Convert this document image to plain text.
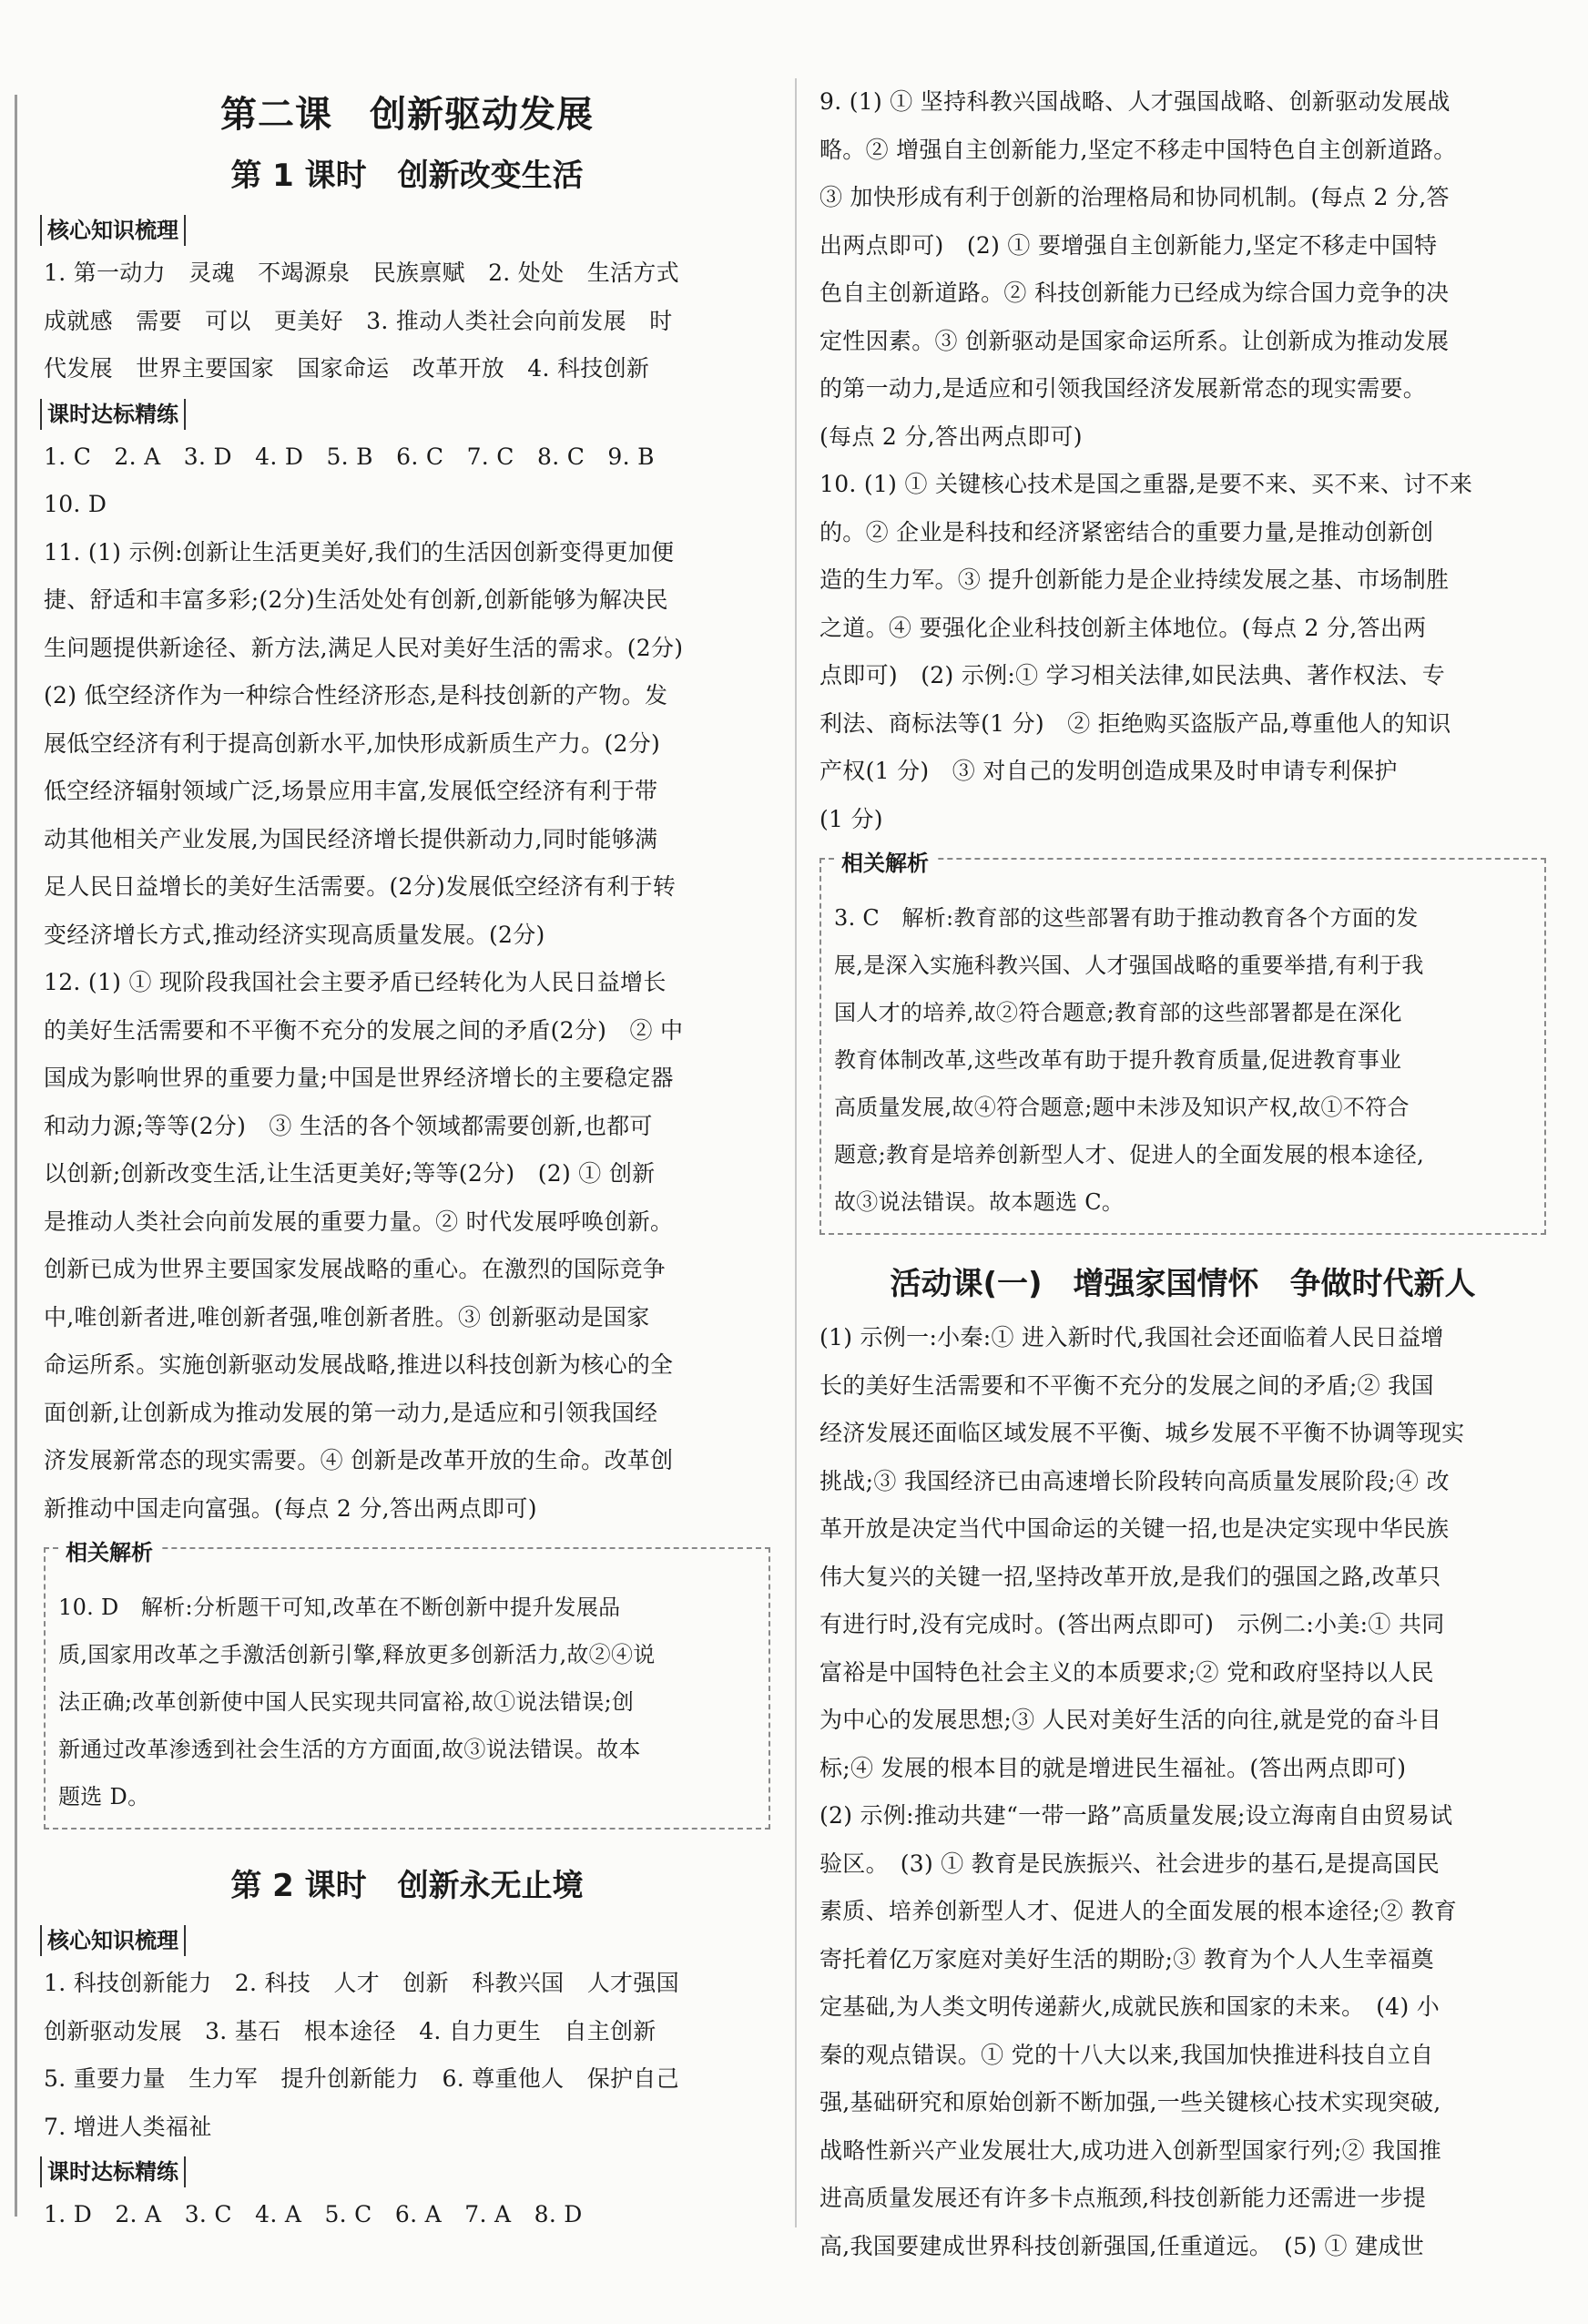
第二课　创新驱动发展
第 1 课时　创新改变生活
核心知识梳理

1. 第一动力　灵魂　不竭源泉　民族禀赋　2. 处处　生活方式

成就感　需要　可以　更美好　3. 推动人类社会向前发展　时

代发展　世界主要国家　国家命运　改革开放　4. 科技创新

课时达标精练

1. C　2. A　3. D　4. D　5. B　6. C　7. C　8. C　9. B

10. D

11. (1) 示例:创新让生活更美好,我们的生活因创新变得更加便

捷、舒适和丰富多彩;(2分)生活处处有创新,创新能够为解决民

生问题提供新途径、新方法,满足人民对美好生活的需求。(2分)

(2) 低空经济作为一种综合性经济形态,是科技创新的产物。发

展低空经济有利于提高创新水平,加快形成新质生产力。(2分)

低空经济辐射领域广泛,场景应用丰富,发展低空经济有利于带

动其他相关产业发展,为国民经济增长提供新动力,同时能够满

足人民日益增长的美好生活需要。(2分)发展低空经济有利于转

变经济增长方式,推动经济实现高质量发展。(2分)

12. (1) ① 现阶段我国社会主要矛盾已经转化为人民日益增长

的美好生活需要和不平衡不充分的发展之间的矛盾(2分)　② 中

国成为影响世界的重要力量;中国是世界经济增长的主要稳定器

和动力源;等等(2分)　③ 生活的各个领域都需要创新,也都可

以创新;创新改变生活,让生活更美好;等等(2分)　(2) ① 创新

是推动人类社会向前发展的重要力量。② 时代发展呼唤创新。

创新已成为世界主要国家发展战略的重心。在激烈的国际竞争

中,唯创新者进,唯创新者强,唯创新者胜。③ 创新驱动是国家

命运所系。实施创新驱动发展战略,推进以科技创新为核心的全

面创新,让创新成为推动发展的第一动力,是适应和引领我国经

济发展新常态的现实需要。④ 创新是改革开放的生命。改革创

新推动中国走向富强。(每点 2 分,答出两点即可)

相关解析

10. D　解析:分析题干可知,改革在不断创新中提升发展品

质,国家用改革之手激活创新引擎,释放更多创新活力,故②④说

法正确;改革创新使中国人民实现共同富裕,故①说法错误;创

新通过改革渗透到社会生活的方方面面,故③说法错误。故本

题选 D。

第 2 课时　创新永无止境
核心知识梳理

1. 科技创新能力　2. 科技　人才　创新　科教兴国　人才强国

创新驱动发展　3. 基石　根本途径　4. 自力更生　自主创新

5. 重要力量　生力军　提升创新能力　6. 尊重他人　保护自己

7. 增进人类福祉

课时达标精练

1. D　2. A　3. C　4. A　5. C　6. A　7. A　8. D

9. (1) ① 坚持科教兴国战略、人才强国战略、创新驱动发展战

略。② 增强自主创新能力,坚定不移走中国特色自主创新道路。

③ 加快形成有利于创新的治理格局和协同机制。(每点 2 分,答

出两点即可)　(2) ① 要增强自主创新能力,坚定不移走中国特

色自主创新道路。② 科技创新能力已经成为综合国力竞争的决

定性因素。③ 创新驱动是国家命运所系。让创新成为推动发展

的第一动力,是适应和引领我国经济发展新常态的现实需要。

(每点 2 分,答出两点即可)

10. (1) ① 关键核心技术是国之重器,是要不来、买不来、讨不来

的。② 企业是科技和经济紧密结合的重要力量,是推动创新创

造的生力军。③ 提升创新能力是企业持续发展之基、市场制胜

之道。④ 要强化企业科技创新主体地位。(每点 2 分,答出两

点即可)　(2) 示例:① 学习相关法律,如民法典、著作权法、专

利法、商标法等(1 分)　② 拒绝购买盗版产品,尊重他人的知识

产权(1 分)　③ 对自己的发明创造成果及时申请专利保护

(1 分)

相关解析

3. C　解析:教育部的这些部署有助于推动教育各个方面的发

展,是深入实施科教兴国、人才强国战略的重要举措,有利于我

国人才的培养,故②符合题意;教育部的这些部署都是在深化

教育体制改革,这些改革有助于提升教育质量,促进教育事业

高质量发展,故④符合题意;题中未涉及知识产权,故①不符合

题意;教育是培养创新型人才、促进人的全面发展的根本途径,

故③说法错误。故本题选 C。

活动课(一)　增强家国情怀　争做时代新人

(1) 示例一:小秦:① 进入新时代,我国社会还面临着人民日益增

长的美好生活需要和不平衡不充分的发展之间的矛盾;② 我国

经济发展还面临区域发展不平衡、城乡发展不平衡不协调等现实

挑战;③ 我国经济已由高速增长阶段转向高质量发展阶段;④ 改

革开放是决定当代中国命运的关键一招,也是决定实现中华民族

伟大复兴的关键一招,坚持改革开放,是我们的强国之路,改革只

有进行时,没有完成时。(答出两点即可)　示例二:小美:① 共同

富裕是中国特色社会主义的本质要求;② 党和政府坚持以人民

为中心的发展思想;③ 人民对美好生活的向往,就是党的奋斗目

标;④ 发展的根本目的就是增进民生福祉。(答出两点即可)

(2) 示例:推动共建“一带一路”高质量发展;设立海南自由贸易试

验区。　(3) ① 教育是民族振兴、社会进步的基石,是提高国民

素质、培养创新型人才、促进人的全面发展的根本途径;② 教育

寄托着亿万家庭对美好生活的期盼;③ 教育为个人人生幸福奠

定基础,为人类文明传递薪火,成就民族和国家的未来。　(4) 小

秦的观点错误。① 党的十八大以来,我国加快推进科技自立自

强,基础研究和原始创新不断加强,一些关键核心技术实现突破,

战略性新兴产业发展壮大,成功进入创新型国家行列;② 我国推

进高质量发展还有许多卡点瓶颈,科技创新能力还需进一步提

高,我国要建成世界科技创新强国,任重道远。　(5) ① 建成世
